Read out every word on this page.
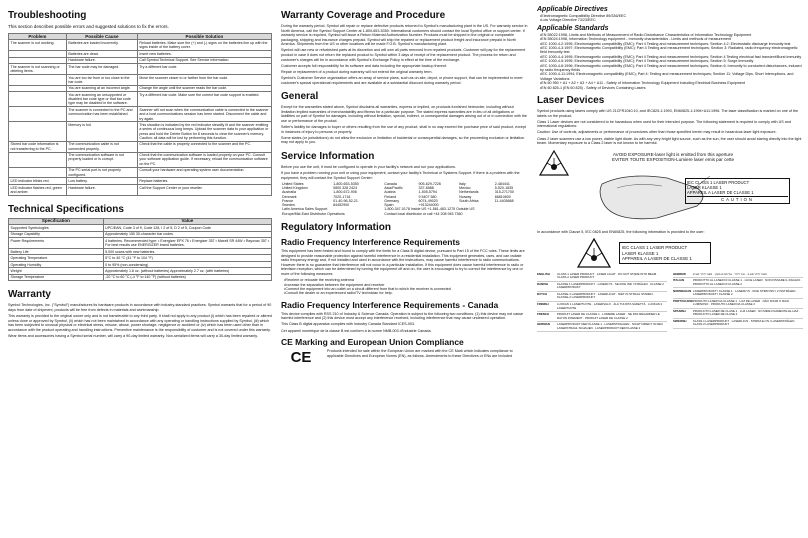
Troubleshooting

This section describes possible errors and suggested solutions to fix the errors.

Problem	Possible Cause	Possible Solution
The scanner is not working.	Batteries are loaded incorrectly.	Reload batteries. Make sure the (+) and (-) signs on the batteries line up with the signs inside of the battery cover.
	Batteries are dead.	Insert new batteries.
	Hardware failure.	Call Symbol Technical Support. See Service Information.
The scanner is not scanning or deleting items.	The bar code may be damaged.	Try a different bar code.
	You are too far from or too close to the bar code.	Move the scanner closer to or farther from the bar code.
	You are scanning at an incorrect angle.	Change the angle until the scanner reads the bar code.
	You are scanning an unsupported or disabled bar code type or that bar code type may be disabled in the software.	Try a different bar code. Make sure the correct bar code support is enabled.
	The scanner is connected to the PC and communication has been established.	Scanner will not scan when the communication cable is connected to the scanner and a host communications session has been started. Disconnect the cable and try again.
	Memory is full.	This situation is indicated by the red indicator steadily lit and the scanner emitting a series of continuous long beeps. Upload the scanner data to your application or press and hold the Delete Button for 8 seconds to clear the scanner's memory. Caution: all data will be lost by performing this function.
Stored bar code information is not transferring to the PC.	The communication cable is not connected properly.	Check that the cable is properly connected to the scanner and the PC.
	The communication software is not properly loaded or is corrupt.	Check that the communication software is loaded properly on your PC. Consult your software application guide. If necessary, reload the communication software on the PC.
	The PC serial port is not properly configured.	Consult your hardware and operating system user documentation.
LED indicator blinks red.	Low battery.	Replace batteries.
LED indicator flashes red, green and amber.	Hardware failure.	Call the Support Center or your reseller.
Technical Specifications
Specification	Value
Supported Symbologies	UPC/EAN, Code 3 of 9, Code 128, I 2 of 5, D 2 of 5, Coupon Code
Storage Capability	Approximately 150 30-character bar codes
Power Requirements	4 batteries. Recommended type: • Energizer EPX 76 • Energizer 357 • Maxell SR 44W • Rayovac 357 • For best results use ENERGIZER brand batteries.
Battery Life	5,000 scans with new batteries.
Operating Temperature	5°C to 40 °C (41 °F to 104 °F)
Operating Humidity	0 to 95% (non-condensing)
Weight	Approximately 1.8 oz. (without batteries) Approximately 2.7 oz. (with batteries)
Storage Temperature	-20 °C to 60 °C (-4 °F to 140 °F) (without batteries)
Warranty

Symbol Technologies, Inc. ("Symbol") manufactures its hardware products in accordance with industry-standard practices. Symbol warrants that for a period of 90 days from date of shipment, products will be free from defects in materials and workmanship.

This warranty is provided to the original owner only and is not transferable to any third party. It shall not apply to any product (i) which has been repaired or altered unless done or approved by Symbol, (ii) which has not been maintained in accordance with any operating or handling instructions supplied by Symbol, (iii) which has been subjected to unusual physical or electrical stress, misuse, abuse, power shortage, negligence or accident or (iv) which has been used other than in accordance with the product operating and handling instructions. Preventive maintenance is the responsibility of customer and is not covered under this warranty.

Wear items and accessories having a Symbol serial number, will carry a 90-day limited warranty. Non-serialized items will carry a 30-day limited warranty.

Warranty Coverage and Procedure

During the warranty period, Symbol will repair or replace defective products returned to Symbol's manufacturing plant in the US. For warranty service in North America, call the Symbol Support Center at 1-800-653-5350. International customers should contact the local Symbol office or support center. If warranty service is required, Symbol will issue a Return Material Authorization Number. Products must be shipped in the original or comparable packaging, shipping and insurance charges prepaid. Symbol will ship the repaired or replacement product freight and insurance prepaid in North America. Shipments from the US or other locations will be made F.O.B. Symbol's manufacturing plant.

Symbol will use new or refurbished parts at its discretion and will own all parts removed from repaired products. Customer will pay for the replacement product in case it does not return the replaced product to Symbol within 3 days of receipt of the replacement product. The process for return and customer's charges will be in accordance with Symbol's Exchange Policy in effect at the time of the exchange.

Customer accepts full responsibility for its software and data including the appropriate backup thereof.

Repair or replacement of a product during warranty will not extend the original warranty term.

Symbol's Customer Service organization offers an array of service plans, such as on-site, depot, or phone support, that can be implemented to meet customer's special operational requirements and are available at a substantial discount during warranty period.

General

Except for the warranties stated above, Symbol disclaims all warranties, express or implied, on products furnished hereunder, including without limitation implied warranties of merchantability and fitness for a particular purpose. The stated express warranties are in lieu of all obligations or liabilities on part of Symbol for damages, including without limitation, special, indirect, or consequential damages arising out of or in connection with the use or performance of the product.

Seller's liability for damages to buyer or others resulting from the use of any product, shall in no way exceed the purchase price of said product, except in instances of injury to persons or property.

Some states (or jurisdictions) do not allow the exclusion or limitation of incidental or consequential damages, so the proceeding exclusion or limitation may not apply to you.

Service Information

Before you use the unit, it must be configured to operate in your facility's network and run your applications.

If you have a problem running your unit or using your equipment, contact your facility's Technical or Systems Support. If there is a problem with the equipment, they will contact the Symbol Support Center:

United States	1-800-653-5350	Canada	905-629-7226	Italy	2-484441
United Kingdom	0800 328 2424	Asia/Pacific	337-6588	Mexico	5-520-1835
Australia	1-800-672-906	Austria	1-505-5794	Netherlands	315-271700
Denmark	7020-1718	Finland	9 5407 580	Norway	66810600
France	01-40-96-52-21	Germany	6074-49020	South Africa	11-4405668
Sweden	84452900	Spain	+913244000		
Latin America Sales Support		1-800-347-0178 Inside US +1-561-483-1275 Outside US			
Europe/Mid-East Distributor Operations		Contact local distributor or call +44 208 945 7360			
Regulatory Information
Radio Frequency Interference Requirements

This equipment has been tested and found to comply with the limits for a Class B digital device, pursuant to Part 15 of the FCC rules. These limits are designed to provide reasonable protection against harmful interference in a residential installation. This equipment generates, uses, and can radiate radio frequency energy and, if not installed and used in accordance with the instructions, may cause harmful interference to radio communications. However there is no guarantee that interference will not occur in a particular installation. If this equipment does cause harmful interference to radio or television reception, which can be determined by turning the equipment off and on, the user is encouraged to try to correct the interference by one or more of the following measures:

• Reorient or relocate the receiving antenna
• Increase the separation between the equipment and receiver
• Connect the equipment into an outlet on a circuit different from that to which the receiver is connected
• Consult the dealer or an experienced radio/TV technician for help.
Radio Frequency Interference Requirements - Canada

This device complies with RSS 210 of Industry & Science Canada. Operation is subject to the following two conditions: (1) this device may not cause harmful interference and (2) this device must accept any interference received, including interference that may cause undesired operation.

This Class B digital apparatus complies with Industry Canada Standard ICES-003.

Cet appareil numérique de la classe B est conform à la norme NMB-003 d'Industrie Canada.

CE Marking and European Union Compliance
CE	Products intended for sale within the European Union are marked with the CE Mark which indicates compliance to applicable Directives and European Norms (EN), as follows. Amendments to these Directives or ENs are included

Applicable Directives
• Electromagnetic Compatibility Directive 89/336/EEC
• Low Voltage Directive 73/23/EEC
Applicable Standards
• EN 55022:1998, Limits and Methods of Measurement of Radio Disturbance Characteristics of Information Technology Equipment
• EN 55024:1998, Information Technology equipment - Immunity characteristics - Limits and methods of measurement
• IEC 1000-4-2:1995; Electromagnetic compatibility (EMC); Part 4 Testing and measurement techniques; Section 4.2: Electrostatic discharge immunity test
• IEC 1000-4-3:1997; Electromagnetic Compatibility (EMC): Part 4 Testing and measurement techniques; Section 3: Radiated, radio frequency electromagnetic field immunity test
• IEC 1000-4-4:1995; Electromagnetic compatibility (EMC); Part 4 Testing and measurement techniques; Section 4 Testing electrical fast transient/Burst immunity
• IEC 1000-4-5:1995; Electromagnetic compatibility (EMC); Part 4 Testing and measurement techniques; Section 5: Surge Immunity
• IEC 1000-4-6:1996; Electromagnetic compatibility (EMC); Part 4 Testing and measurement techniques; Section 6: Immunity to conducted disturbances, induced by radio frequency fields
• IEC 1000-4-11:1994; Electromagnetic compatibility (EMC); Part 4: Testing and measurement techniques; Section 11: Voltage Dips, Short Interruptions, and Voltage Variations
• EN 60 950 + A1 + A2 + A3 + A4 + A11 - Safety of Information Technology Equipment Including Electrical Business Equipment
• EN 60 825-1 (EN 60 825) - Safety of Devices Containing Lasers
Laser Devices

Symbol products using lasers comply with US 21CFR1040.10, and IEC825-1:1993, EN60825-1:1994+A11:1996. The laser classification is marked on one of the labels on the product.

Class 1 Laser devices are not considered to be hazardous when used for their intended purpose. The following statement is required to comply with US and international regulations:

Caution: Use of controls, adjustments or performance of procedures other than those specified herein may result in hazardous laser light exposure.

Class 2 laser scanners use a low power, visible light diode. As with any very bright light source, such as the sun, the user should avoid staring directly into the light beam. Momentary exposure to a Class 2 laser is not known to be harmful.

AVOID EXPOSURE-laser light is emitted from this aperture
EVITER TOUTE EXPOSITION-Lumiere laser emis par cette
IEC CLASS 1 LASER PRODUCT
LASER KLASSE 1
APPAREIL A LASER DE CLASSE 1
CAUTION

In accordance with Clause 5, IEC 0825 and EN60825, the following information is provided to the user:

IEC CLASS 1 LASER PRODUCT
LASER KLASSE 1
APPAREIL A LASER DE CLASSE 1
ENGLISH	CLASS 1 LASER PRODUCT · LASER LIGHT · DO NOT STARE INTO BEAM · CLASS 2 LASER PRODUCT
DANISH	KLASSE 1 LASERPRODUKT · LASERLYS · SE IKKE IND I STRÅLEN · KLASSE 2 LASERPRODUKT
DUTCH	KLASSE-1 LASERPRODUKT · LASERLICHT · NIET IN STRAAL STAREN · KLASSE-2 LASERPRODUKT
FINNISH	LUOKAN 1 LASERTUOTE · LASERVALO · ÄLÄ TUIJOTA SÄDETTÄ · LUOKAN 2 LASERTUOTE
FRENCH	PRODUIT LASER DE CLASSE 1 · LUMIERE LASER · NE PAS REGARDER LE RAYON FIXEMENT · PRODUIT LASER DE CLASSE 2
GERMAN	LASERPRODUKT DER KLASSE 1 · LASERSTRAHLEN · NICHT DIREKT IN DEN LASERSTRAHL SCHAUEN · LASERPRODUKT DER KLASSE 2
HEBREW	מוצר לייזר סוג 1 · אור לייזר · אל תביט בקרן · מוצר לייזר סוג 2
ITALIAN	PRODOTTO AL LASER DI CLASSE 1 · LUCE LASER · NON FISSARE IL RAGGIO · PRODOTTO AL LASER DI CLASSE 2
NORWEGIAN LASERPRODUKT I KLASSE 1 · LASERLYS · IKKE STIRR INN I LYSSTRÅLEN · LASERPRODUKT I KLASSE 2
PORTUGUESE PRODUTO LASER DA CLASSE 1 · LUZ DE LASER · NÃO FIXAR O RAIO LUMINOSO · PRODUTO LASER DA CLASSE 2
SPANISH	PRODUCTO LASER DE CLASE 1 · LUZ LASER · NO MIRE FIJAMENTE EL HAZ · PRODUCTO LASER DE CLASE 2
SWEDISH	KLASS 1 LASERPRODUKT · LASERLJUS · STIRRA EJ IN I LASERSTRÅLEN · KLASS 2 LASERPRODUKT
